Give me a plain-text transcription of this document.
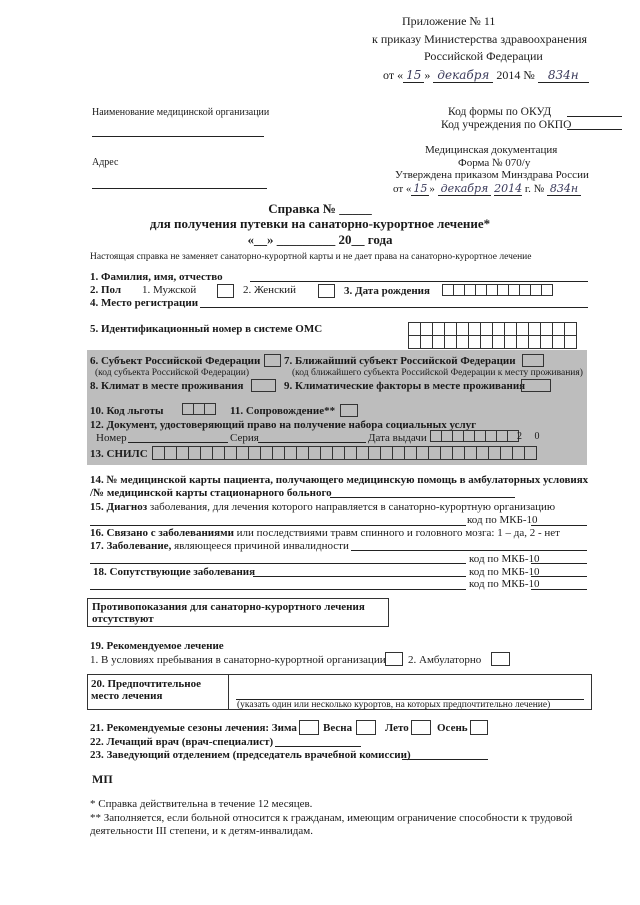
Приложение № 11
к приказу Министерства здравоохранения
Российской Федерации
от « 15 » декабря 2014 № 834н
Наименование медицинской организации
Адрес
Код формы по ОКУД
Код учреждения по ОКПО
Медицинская документация
Форма № 070/у
Утверждена приказом Минздрава России
от « 15 » декабря 2014 г. № 834н
Справка № _____
для получения путевки на санаторно-курортное лечение*
«__» _________ 20__ года
Настоящая справка не заменяет санаторно-курортной карты и не дает права на санаторно-курортное лечение
1. Фамилия, имя, отчество
2. Пол 1. Мужской	2. Женский	3. Дата рождения
4. Место регистрации
5. Идентификационный номер в системе ОМС
6. Субъект Российской Федерации 7. Ближайший субъект Российской Федерации
(код субъекта Российской Федерации)	(код ближайшего субъекта Российской Федерации к месту проживания)
8. Климат в месте проживания	9. Климатические факторы в месте проживания
10. Код льготы	11. Сопровождение**
12. Документ, удостоверяющий право на получение набора социальных услуг
Номер	Серия	Дата выдачи	2 0
13. СНИЛС
14. № медицинской карты пациента, получающего медицинскую помощь в амбулаторных условиях
/№ медицинской карты стационарного больного
15. Диагноз заболевания, для лечения которого направляется в санаторно-курортную организацию
код по МКБ-10
16. Связано с заболеваниями или последствиями травм спинного и головного мозга: 1 – да, 2 - нет
17. Заболевание, являющееся причиной инвалидности
код по МКБ-10
18. Сопутствующие заболевания	код по МКБ-10
код по МКБ-10
Противопоказания для санаторно-курортного лечения
отсутствуют
19. Рекомендуемое лечение
1. В условиях пребывания в санаторно-курортной организации 2. Амбулаторно
20. Предпочтительное
место лечения
(указать один или несколько курортов, на которых предпочтительно лечение)
21. Рекомендуемые сезоны лечения: Зима Весна	Лето	Осень
22. Лечащий врач (врач-специалист)
23. Заведующий отделением (председатель врачебной комиссии)
МП
* Справка действительна в течение 12 месяцев.
** Заполняется, если больной относится к гражданам, имеющим ограничение способности к трудовой
деятельности III степени, и к детям-инвалидам.
